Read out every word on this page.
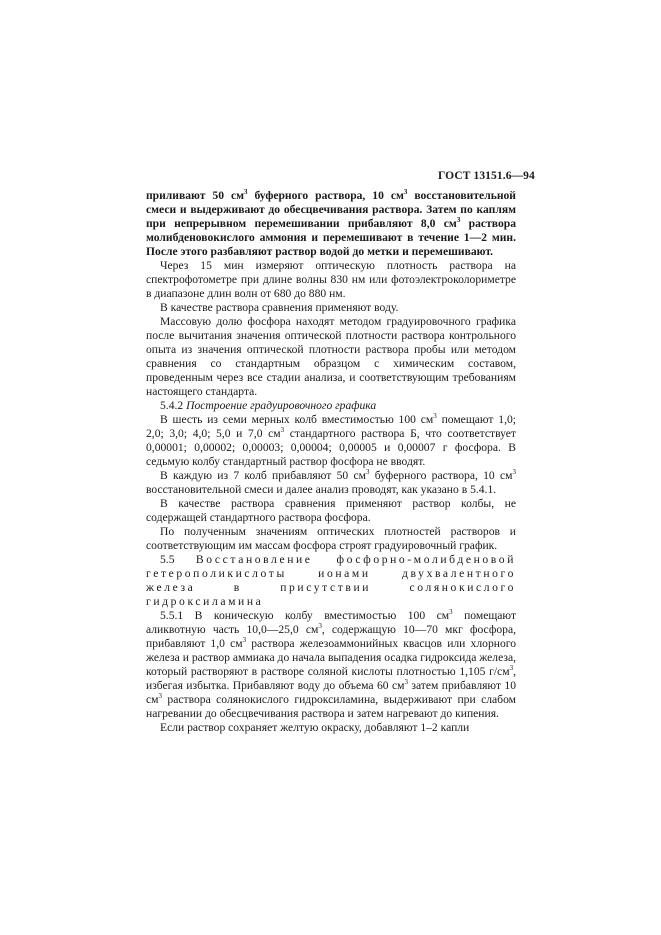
ГОСТ 13151.6—94

приливают 50 $см^3$ буферного раствора, 10 $см^3$ восстановительной смеси и выдерживают до обесцвечивания раствора. Затем по каплям при непрерывном перемешивании прибавляют 8,0 $см^3$ раствора молибденовокислого аммония и перемешивают в течение 1—2 мин. После этого разбавляют раствор водой до метки и перемешивают.

Через 15 мин измеряют оптическую плотность раствора на спектрофотометре при длине волны 830 нм или фотоэлектроколориметре в диапазоне длин волн от 680 до 880 нм.

В качестве раствора сравнения применяют воду.

Массовую долю фосфора находят методом градуировочного графика после вычитания значения оптической плотности раствора контрольного опыта из значения оптической плотности раствора пробы или методом сравнения со стандартным образцом с химическим составом, проведенным через все стадии анализа, и соответствующим требованиям настоящего стандарта.

5.4.2 Построение градуировочного графика

В шесть из семи мерных колб вместимостью 100 $см^3$ помещают 1,0; 2,0; 3,0; 4,0; 5,0 и 7,0 $см^3$ стандартного раствора Б, что соответствует 0,00001; 0,00002; 0,00003; 0,00004; 0,00005 и 0,00007 г фосфора. В седьмую колбу стандартный раствор фосфора не вводят.

В каждую из 7 колб прибавляют 50 $см^3$ буферного раствора, 10 $см^3$ восстановительной смеси и далее анализ проводят, как указано в 5.4.1.

В качестве раствора сравнения применяют раствор колбы, не содержащей стандартного раствора фосфора.

По полученным значениям оптических плотностей растворов и соответствующим им массам фосфора строят градуировочный график.

5.5 Восстановление фосфорно-молибденовой гетерополикислоты ионами двухвалентного железа в присутствии солянокислого гидроксиламина

5.5.1 В коническую колбу вместимостью 100 $см^3$ помещают аликвотную часть 10,0—25,0 $см^3$, содержащую 10—70 мкг фосфора, прибавляют 1,0 $см^3$ раствора железоаммонийных квасцов или хлорного железа и раствор аммиака до начала выпадения осадка гидроксида железа, который растворяют в растворе соляной кислоты плотностью 1,105 $г/см^3$, избегая избытка. Прибавляют воду до объема 60 $см^3$ затем прибавляют 10 $см^3$ раствора солянокислого гидроксиламина, выдерживают при слабом нагревании до обесцвечивания раствора и затем нагревают до кипения.

Если раствор сохраняет желтую окраску, добавляют 1–2 капли
